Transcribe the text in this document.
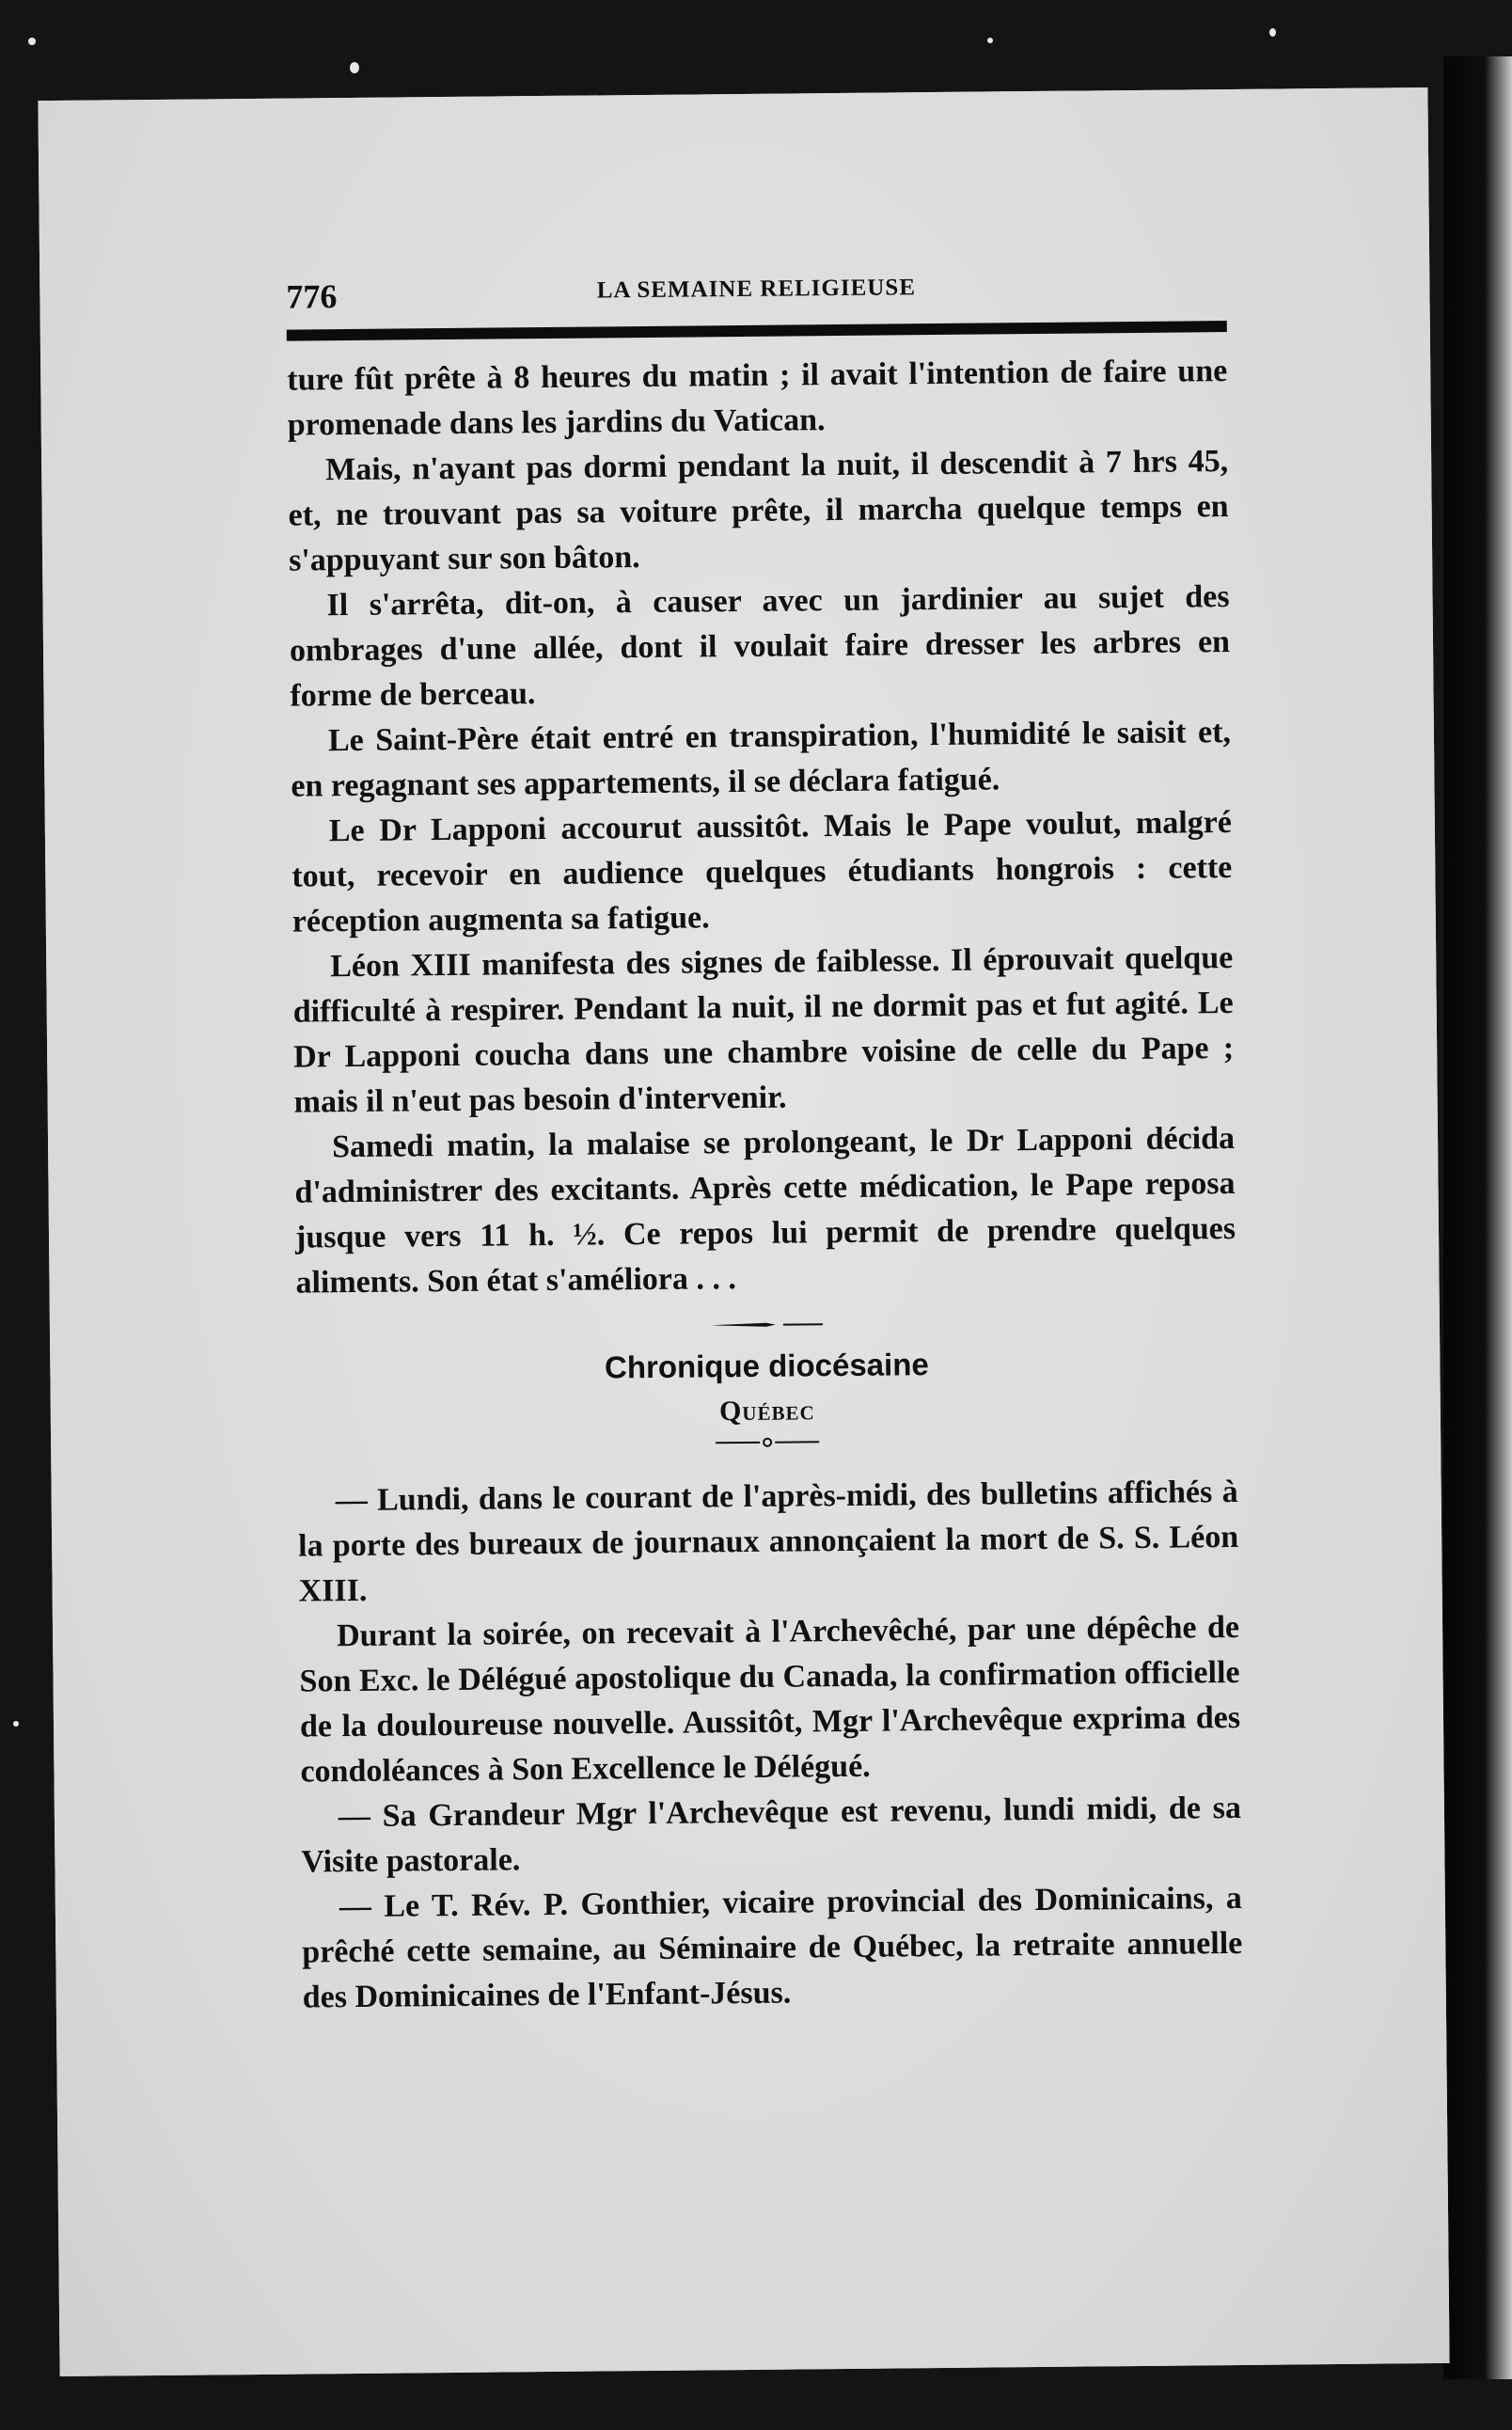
776	LA SEMAINE RELIGIEUSE

ture fût prête à 8 heures du matin ; il avait l'intention de faire une promenade dans les jardins du Vatican.

Mais, n'ayant pas dormi pendant la nuit, il descendit à 7 hrs 45, et, ne trouvant pas sa voiture prête, il marcha quelque temps en s'appuyant sur son bâton.

Il s'arrêta, dit-on, à causer avec un jardinier au sujet des ombrages d'une allée, dont il voulait faire dresser les arbres en forme de berceau.

Le Saint-Père était entré en transpiration, l'humidité le saisit et, en regagnant ses appartements, il se déclara fatigué.

Le Dr Lapponi accourut aussitôt. Mais le Pape voulut, malgré tout, recevoir en audience quelques étudiants hongrois : cette réception augmenta sa fatigue.

Léon XIII manifesta des signes de faiblesse. Il éprouvait quelque difficulté à respirer. Pendant la nuit, il ne dormit pas et fut agité. Le Dr Lapponi coucha dans une chambre voisine de celle du Pape ; mais il n'eut pas besoin d'intervenir.

Samedi matin, la malaise se prolongeant, le Dr Lapponi décida d'administrer des excitants. Après cette médication, le Pape reposa jusque vers 11 h. ½. Ce repos lui permit de prendre quelques aliments. Son état s'améliora . . .

Chronique diocésaine
Québec

— Lundi, dans le courant de l'après-midi, des bulletins affichés à la porte des bureaux de journaux annonçaient la mort de S. S. Léon XIII.

Durant la soirée, on recevait à l'Archevêché, par une dépêche de Son Exc. le Délégué apostolique du Canada, la confirmation officielle de la douloureuse nouvelle. Aussitôt, Mgr l'Archevêque exprima des condoléances à Son Excellence le Délégué.

— Sa Grandeur Mgr l'Archevêque est revenu, lundi midi, de sa Visite pastorale.

— Le T. Rév. P. Gonthier, vicaire provincial des Dominicains, a prêché cette semaine, au Séminaire de Québec, la retraite annuelle des Dominicaines de l'Enfant-Jésus.
